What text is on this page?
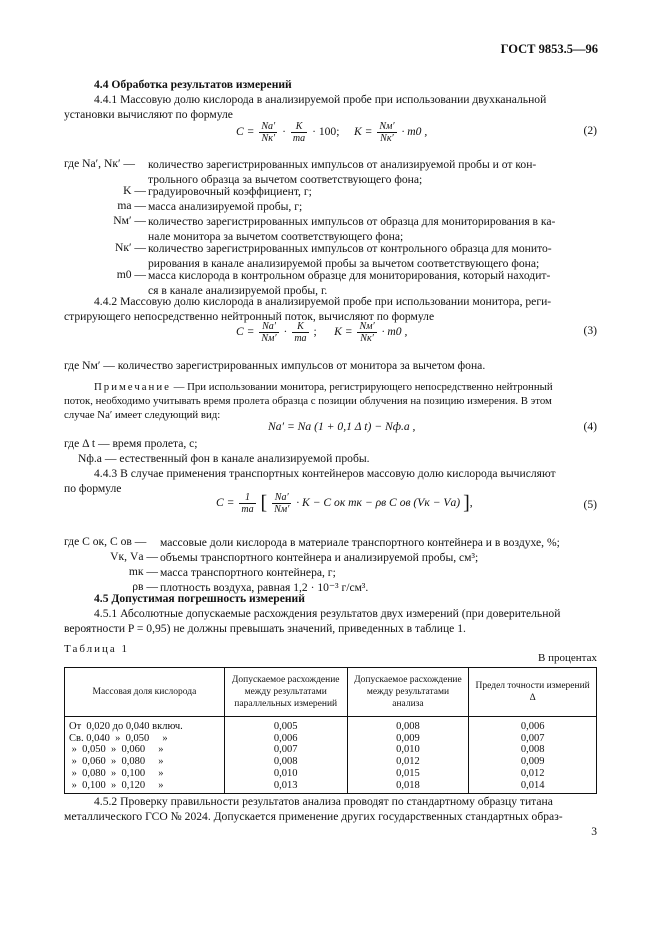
ГОСТ 9853.5—96
4.4 Обработка результатов измерений
4.4.1 Массовую долю кислорода в анализируемой пробе при использовании двухканальной
установки вычисляют по формуле
$C = \frac{Nа'}{Nк'} \cdot \frac{K}{mа} \cdot 100$; $K = \frac{Nм'}{Nк'} \cdot m0$ ,	(2)
где Nа′, Nк′ —	количество зарегистрированных импульсов от анализируемой пробы и от кон-
трольного образца за вычетом соответствующего фона;
K — градуировочный коэффициент, г;
mа — масса анализируемой пробы, г;
Nм′ — количество зарегистрированных импульсов от образца для мониторирования в ка-
нале монитора за вычетом соответствующего фона;
Nк′ — количество зарегистрированных импульсов от контрольного образца для монито-
рирования в канале анализируемой пробы за вычетом соответствующего фона;
m0 — масса кислорода в контрольном образце для мониторирования, который находит-
ся в канале анализируемой пробы, г.
4.4.2 Массовую долю кислорода в анализируемой пробе при использовании монитора, реги-
стрирующего непосредственно нейтронный поток, вычисляют по формуле
$C = \frac{Nа'}{Nм'} \cdot \frac{K}{mа}$ ; $K = \frac{Nм'}{Nк'} \cdot m0$ ,	(3)
где Nм′ — количество зарегистрированных импульсов от монитора за вычетом фона.
Примечание — При использовании монитора, регистрирующего непосредственно нейтронный
поток, необходимо учитывать время пролета образца с позиции облучения на позицию измерения. В этом
случае Nа′ имеет следующий вид:
Nа′ = Nа (1 + 0,1 Δ t) − Nф.а ,	(4)
где Δ t — время пролета, с;
Nф.а — естественный фон в канале анализируемой пробы.
4.4.3 В случае применения транспортных контейнеров массовую долю кислорода вычисляют
по формуле
$C = \frac{1}{mа}$ [ $\frac{Nа'}{Nм'} \cdot K - C$ ок mк − ρв C ов (Vк − Vа) ],	(5)
где C ок, C ов —	массовые доли кислорода в материале транспортного контейнера и в воздухе, %;
Vк, Vа — объемы транспортного контейнера и анализируемой пробы, см³;
mк — масса транспортного контейнера, г;
ρв — плотность воздуха, равная 1,2 · 10⁻³ г/см³.
4.5 Допустимая погрешность измерений
4.5.1 Абсолютные допускаемые расхождения результатов двух измерений (при доверительной
вероятности P = 0,95) не должны превышать значений, приведенных в таблице 1.
Таблица 1
В процентах
Массовая доля кислорода	Допускаемое расхождение между результатами параллельных измерений	Допускаемое расхождение между результатами анализа	Предел точности измерений Δ
От  0,020 до 0,040 включ.	0,005	0,008	0,006
Св. 0,040  »  0,050     »	0,006	0,009	0,007
»  0,050  »  0,060     »	0,007	0,010	0,008
»  0,060  »  0,080     »	0,008	0,012	0,009
»  0,080  »  0,100     »	0,010	0,015	0,012
»  0,100  »  0,120     »	0,013	0,018	0,014
4.5.2 Проверку правильности результатов анализа проводят по стандартному образцу титана
металлического ГСО № 2024. Допускается применение других государственных стандартных образ-
3
